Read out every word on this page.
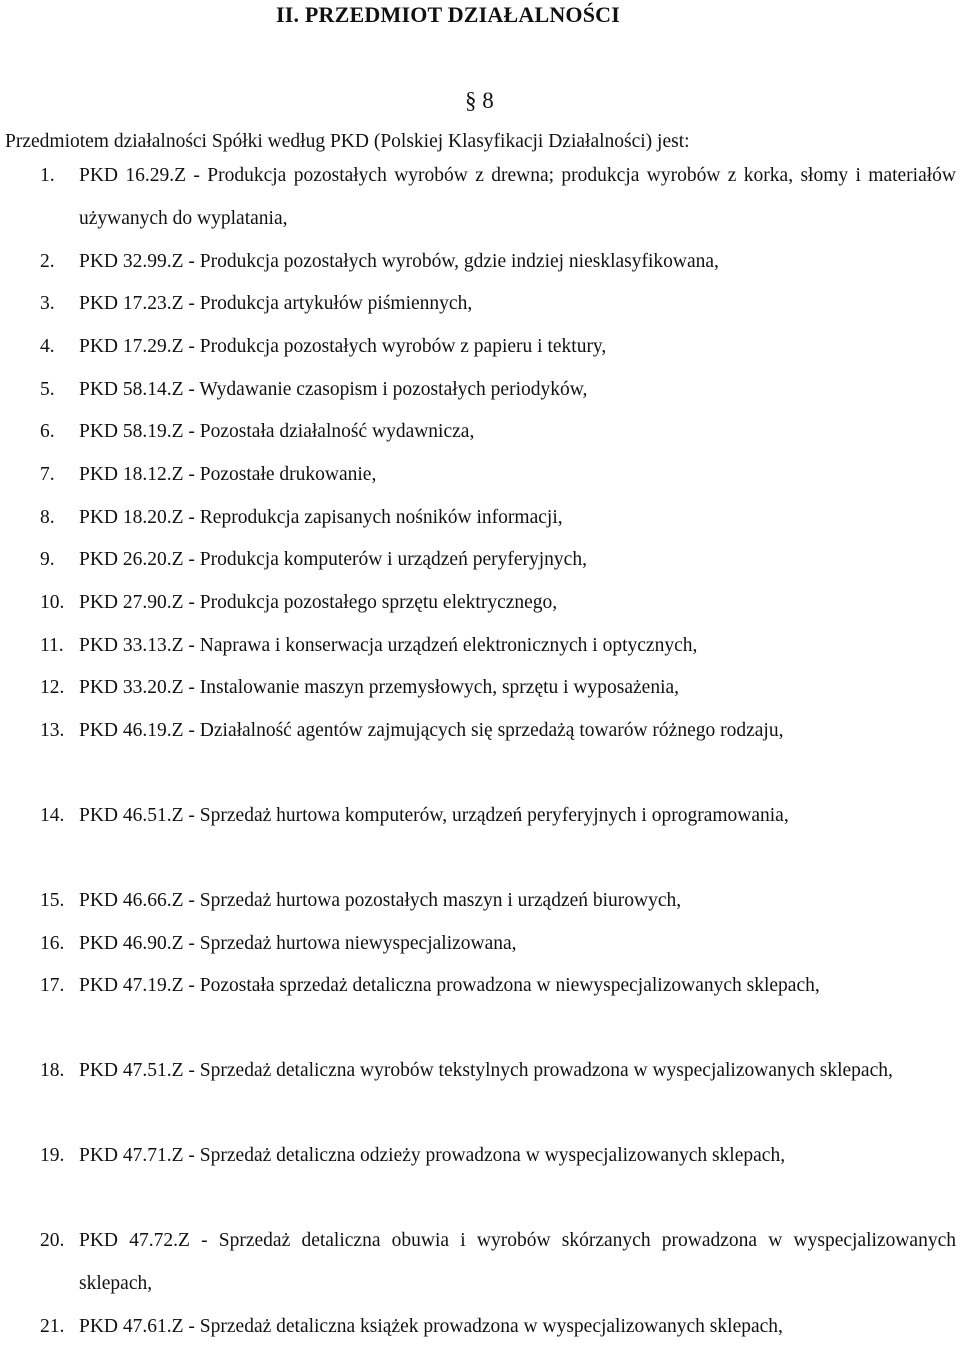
II. PRZEDMIOT DZIAŁALNOŚCI
§ 8
Przedmiotem działalności Spółki według PKD (Polskiej Klasyfikacji Działalności) jest:
1. PKD 16.29.Z - Produkcja pozostałych wyrobów z drewna; produkcja wyrobów z korka, słomy i materiałów używanych do wyplatania,
2. PKD 32.99.Z - Produkcja pozostałych wyrobów, gdzie indziej niesklasyfikowana,
3. PKD 17.23.Z - Produkcja artykułów piśmiennych,
4. PKD 17.29.Z - Produkcja pozostałych wyrobów z papieru i tektury,
5. PKD 58.14.Z - Wydawanie czasopism i pozostałych periodyków,
6. PKD 58.19.Z - Pozostała działalność wydawnicza,
7. PKD 18.12.Z - Pozostałe drukowanie,
8. PKD 18.20.Z - Reprodukcja zapisanych nośników informacji,
9. PKD 26.20.Z - Produkcja komputerów i urządzeń peryferyjnych,
10. PKD 27.90.Z - Produkcja pozostałego sprzętu elektrycznego,
11. PKD 33.13.Z - Naprawa i konserwacja urządzeń elektronicznych i optycznych,
12. PKD 33.20.Z - Instalowanie maszyn przemysłowych, sprzętu i wyposażenia,
13. PKD 46.19.Z - Działalność agentów zajmujących się sprzedażą towarów różnego rodzaju,
14. PKD 46.51.Z - Sprzedaż hurtowa komputerów, urządzeń peryferyjnych i oprogramowania,
15. PKD 46.66.Z - Sprzedaż hurtowa pozostałych maszyn i urządzeń biurowych,
16. PKD 46.90.Z - Sprzedaż hurtowa niewyspecjalizowana,
17. PKD 47.19.Z - Pozostała sprzedaż detaliczna prowadzona w niewyspecjalizowanych sklepach,
18. PKD 47.51.Z - Sprzedaż detaliczna wyrobów tekstylnych prowadzona w wyspecjalizowanych sklepach,
19. PKD 47.71.Z - Sprzedaż detaliczna odzieży prowadzona w wyspecjalizowanych sklepach,
20. PKD 47.72.Z - Sprzedaż detaliczna obuwia i wyrobów skórzanych prowadzona w wyspecjalizowanych sklepach,
21. PKD 47.61.Z - Sprzedaż detaliczna książek prowadzona w wyspecjalizowanych sklepach,
